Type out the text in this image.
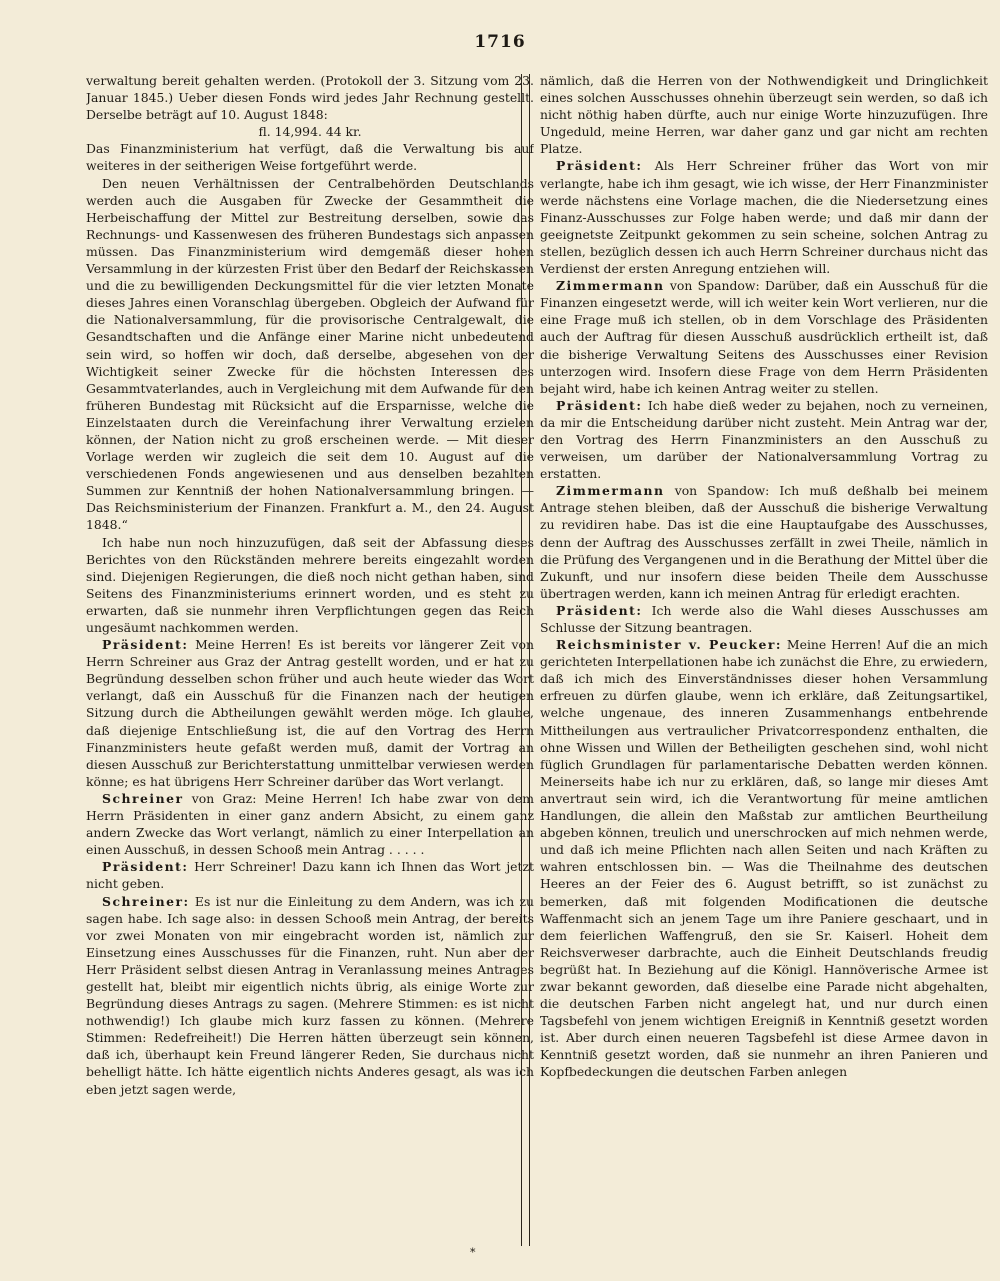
1716

verwaltung bereit gehalten werden. (Protokoll der 3. Sitzung vom 23. Januar 1845.) Ueber diesen Fonds wird jedes Jahr Rechnung gestellt. Derselbe beträgt auf 10. August 1848:

fl. 14,994. 44 kr.

Das Finanzministerium hat verfügt, daß die Verwaltung bis auf weiteres in der seitherigen Weise fortgeführt werde.

Den neuen Verhältnissen der Centralbehörden Deutschlands werden auch die Ausgaben für Zwecke der Gesammtheit die Herbeischaffung der Mittel zur Bestreitung derselben, sowie das Rechnungs- und Kassenwesen des früheren Bundestags sich anpassen müssen. Das Finanzministerium wird demgemäß dieser hohen Versammlung in der kürzesten Frist über den Bedarf der Reichskassen und die zu bewilligenden Deckungsmittel für die vier letzten Monate dieses Jahres einen Voranschlag übergeben. Obgleich der Aufwand für die Nationalversammlung, für die provisorische Centralgewalt, die Gesandtschaften und die Anfänge einer Marine nicht unbedeutend sein wird, so hoffen wir doch, daß derselbe, abgesehen von der Wichtigkeit seiner Zwecke für die höchsten Interessen des Gesammtvaterlandes, auch in Vergleichung mit dem Aufwande für den früheren Bundestag mit Rücksicht auf die Ersparnisse, welche die Einzelstaaten durch die Vereinfachung ihrer Verwaltung erzielen können, der Nation nicht zu groß erscheinen werde. — Mit dieser Vorlage werden wir zugleich die seit dem 10. August auf die verschiedenen Fonds angewiesenen und aus denselben bezahlten Summen zur Kenntniß der hohen Nationalversammlung bringen. — Das Reichsministerium der Finanzen. Frankfurt a. M., den 24. August 1848.“

Ich habe nun noch hinzuzufügen, daß seit der Abfassung dieses Berichtes von den Rückständen mehrere bereits eingezahlt worden sind. Diejenigen Regierungen, die dieß noch nicht gethan haben, sind Seitens des Finanzministeriums erinnert worden, und es steht zu erwarten, daß sie nunmehr ihren Verpflichtungen gegen das Reich ungesäumt nachkommen werden.

Präsident: Meine Herren! Es ist bereits vor längerer Zeit von Herrn Schreiner aus Graz der Antrag gestellt worden, und er hat zu Begründung desselben schon früher und auch heute wieder das Wort verlangt, daß ein Ausschuß für die Finanzen nach der heutigen Sitzung durch die Abtheilungen gewählt werden möge. Ich glaube, daß diejenige Entschließung ist, die auf den Vortrag des Herrn Finanzministers heute gefaßt werden muß, damit der Vortrag an diesen Ausschuß zur Berichterstattung unmittelbar verwiesen werden könne; es hat übrigens Herr Schreiner darüber das Wort verlangt.

Schreiner von Graz: Meine Herren! Ich habe zwar von dem Herrn Präsidenten in einer ganz andern Absicht, zu einem ganz andern Zwecke das Wort verlangt, nämlich zu einer Interpellation an einen Ausschuß, in dessen Schooß mein Antrag . . . . .

Präsident: Herr Schreiner! Dazu kann ich Ihnen das Wort jetzt nicht geben.

Schreiner: Es ist nur die Einleitung zu dem Andern, was ich zu sagen habe. Ich sage also: in dessen Schooß mein Antrag, der bereits vor zwei Monaten von mir eingebracht worden ist, nämlich zur Einsetzung eines Ausschusses für die Finanzen, ruht. Nun aber der Herr Präsident selbst diesen Antrag in Veranlassung meines Antrages gestellt hat, bleibt mir eigentlich nichts übrig, als einige Worte zur Begründung dieses Antrags zu sagen. (Mehrere Stimmen: es ist nicht nothwendig!) Ich glaube mich kurz fassen zu können. (Mehrere Stimmen: Redefreiheit!) Die Herren hätten überzeugt sein können, daß ich, überhaupt kein Freund längerer Reden, Sie durchaus nicht behelligt hätte. Ich hätte eigentlich nichts Anderes gesagt, als was ich eben jetzt sagen werde,

nämlich, daß die Herren von der Nothwendigkeit und Dringlichkeit eines solchen Ausschusses ohnehin überzeugt sein werden, so daß ich nicht nöthig haben dürfte, auch nur einige Worte hinzuzufügen. Ihre Ungeduld, meine Herren, war daher ganz und gar nicht am rechten Platze.

Präsident: Als Herr Schreiner früher das Wort von mir verlangte, habe ich ihm gesagt, wie ich wisse, der Herr Finanzminister werde nächstens eine Vorlage machen, die die Niedersetzung eines Finanz-Ausschusses zur Folge haben werde; und daß mir dann der geeignetste Zeitpunkt gekommen zu sein scheine, solchen Antrag zu stellen, bezüglich dessen ich auch Herrn Schreiner durchaus nicht das Verdienst der ersten Anregung entziehen will.

Zimmermann von Spandow: Darüber, daß ein Ausschuß für die Finanzen eingesetzt werde, will ich weiter kein Wort verlieren, nur die eine Frage muß ich stellen, ob in dem Vorschlage des Präsidenten auch der Auftrag für diesen Ausschuß ausdrücklich ertheilt ist, daß die bisherige Verwaltung Seitens des Ausschusses einer Revision unterzogen wird. Insofern diese Frage von dem Herrn Präsidenten bejaht wird, habe ich keinen Antrag weiter zu stellen.

Präsident: Ich habe dieß weder zu bejahen, noch zu verneinen, da mir die Entscheidung darüber nicht zusteht. Mein Antrag war der, den Vortrag des Herrn Finanzministers an den Ausschuß zu verweisen, um darüber der Nationalversammlung Vortrag zu erstatten.

Zimmermann von Spandow: Ich muß deßhalb bei meinem Antrage stehen bleiben, daß der Ausschuß die bisherige Verwaltung zu revidiren habe. Das ist die eine Hauptaufgabe des Ausschusses, denn der Auftrag des Ausschusses zerfällt in zwei Theile, nämlich in die Prüfung des Vergangenen und in die Berathung der Mittel über die Zukunft, und nur insofern diese beiden Theile dem Ausschusse übertragen werden, kann ich meinen Antrag für erledigt erachten.

Präsident: Ich werde also die Wahl dieses Ausschusses am Schlusse der Sitzung beantragen.

Reichsminister v. Peucker: Meine Herren! Auf die an mich gerichteten Interpellationen habe ich zunächst die Ehre, zu erwiedern, daß ich mich des Einverständnisses dieser hohen Versammlung erfreuen zu dürfen glaube, wenn ich erkläre, daß Zeitungsartikel, welche ungenaue, des inneren Zusammenhangs entbehrende Mittheilungen aus vertraulicher Privatcorrespondenz enthalten, die ohne Wissen und Willen der Betheiligten geschehen sind, wohl nicht füglich Grundlagen für parlamentarische Debatten werden können. Meinerseits habe ich nur zu erklären, daß, so lange mir dieses Amt anvertraut sein wird, ich die Verantwortung für meine amtlichen Handlungen, die allein den Maßstab zur amtlichen Beurtheilung abgeben können, treulich und unerschrocken auf mich nehmen werde, und daß ich meine Pflichten nach allen Seiten und nach Kräften zu wahren entschlossen bin. — Was die Theilnahme des deutschen Heeres an der Feier des 6. August betrifft, so ist zunächst zu bemerken, daß mit folgenden Modificationen die deutsche Waffenmacht sich an jenem Tage um ihre Paniere geschaart, und in dem feierlichen Waffengruß, den sie Sr. Kaiserl. Hoheit dem Reichsverweser darbrachte, auch die Einheit Deutschlands freudig begrüßt hat. In Beziehung auf die Königl. Hannöverische Armee ist zwar bekannt geworden, daß dieselbe eine Parade nicht abgehalten, die deutschen Farben nicht angelegt hat, und nur durch einen Tagsbefehl von jenem wichtigen Ereigniß in Kenntniß gesetzt worden ist. Aber durch einen neueren Tagsbefehl ist diese Armee davon in Kenntniß gesetzt worden, daß sie nunmehr an ihren Panieren und Kopfbedeckungen die deutschen Farben anlegen

*
